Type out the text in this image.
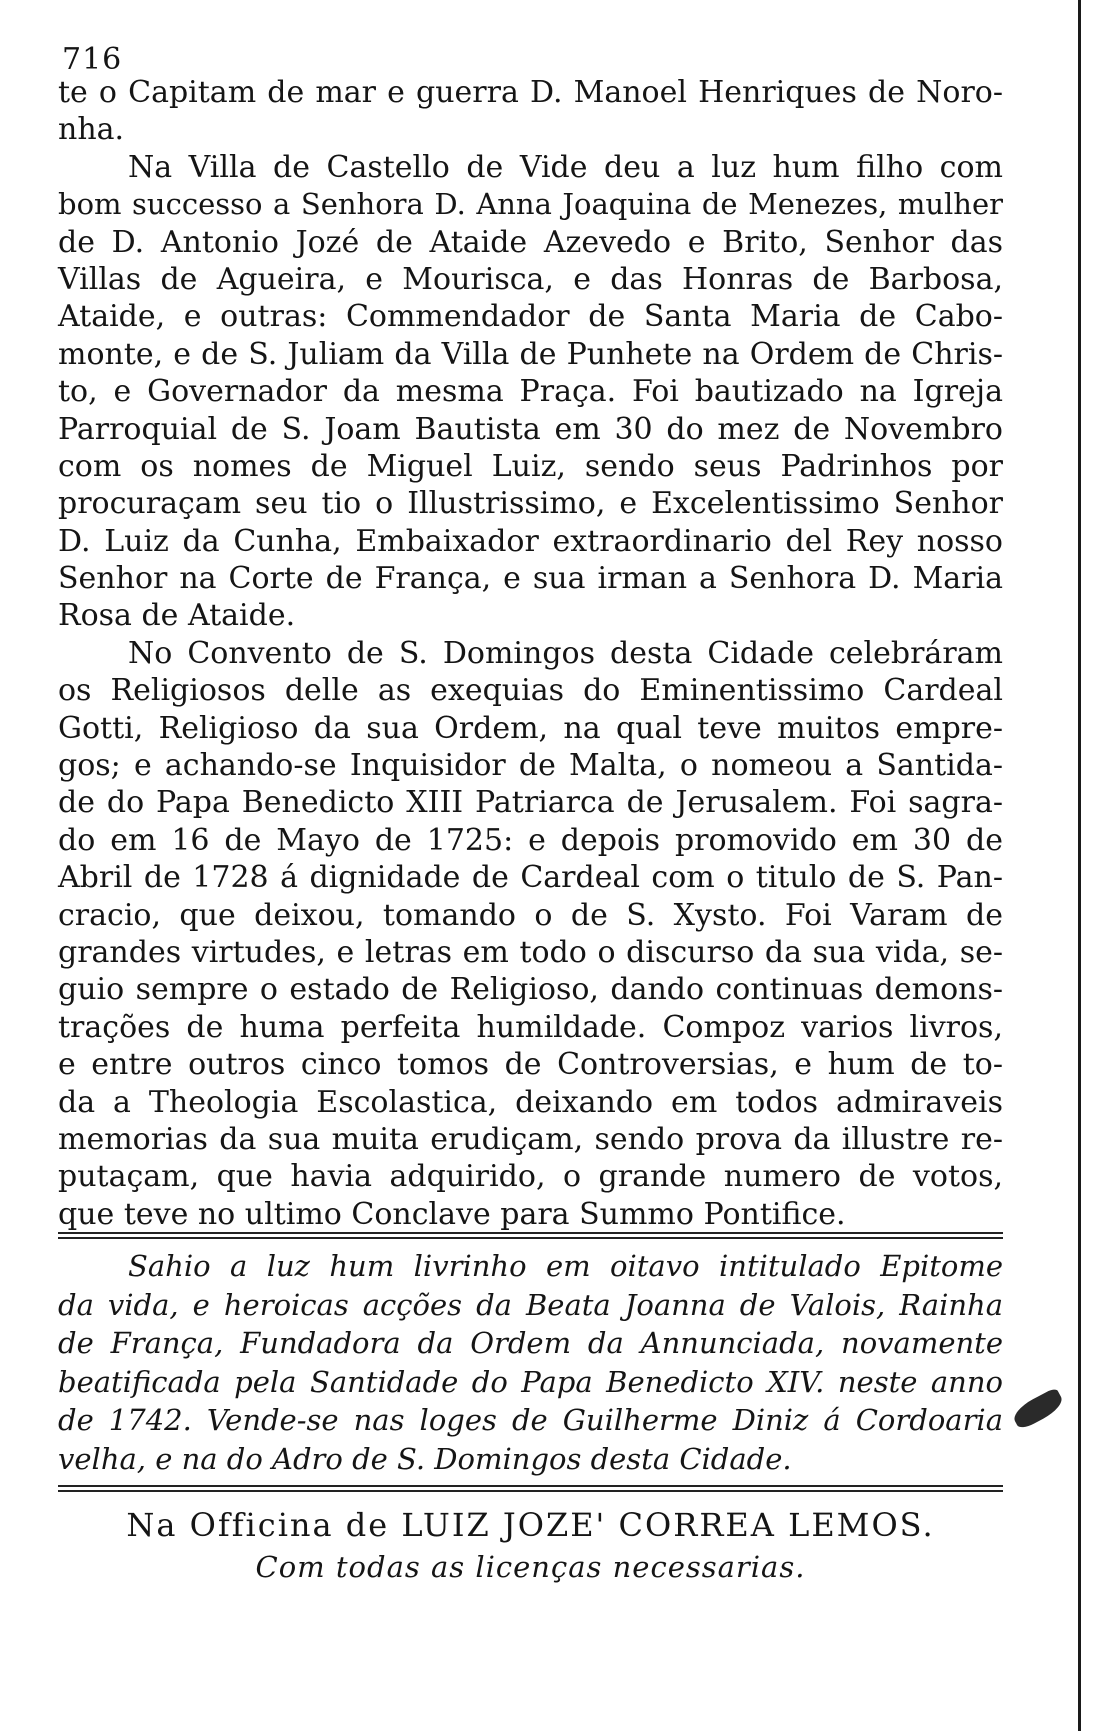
716
te o Capitam de mar e guerra D. Manoel Henriques de Noro-
nha.
Na Villa de Castello de Vide deu a luz hum filho com
bom successo a Senhora D. Anna Joaquina de Menezes, mulher
de D. Antonio Jozé de Ataide Azevedo e Brito, Senhor das
Villas de Agueira, e Mourisca, e das Honras de Barbosa,
Ataide, e outras: Commendador de Santa Maria de Cabo-
monte, e de S. Juliam da Villa de Punhete na Ordem de Chris-
to, e Governador da mesma Praça. Foi bautizado na Igreja
Parroquial de S. Joam Bautista em 30 do mez de Novembro
com os nomes de Miguel Luiz, sendo seus Padrinhos por
procuraçam seu tio o Illustrissimo, e Excelentissimo Senhor
D. Luiz da Cunha, Embaixador extraordinario del Rey nosso
Senhor na Corte de França, e sua irman a Senhora D. Maria
Rosa de Ataide.
No Convento de S. Domingos desta Cidade celebráram
os Religiosos delle as exequias do Eminentissimo Cardeal
Gotti, Religioso da sua Ordem, na qual teve muitos empre-
gos; e achando-se Inquisidor de Malta, o nomeou a Santida-
de do Papa Benedicto XIII Patriarca de Jerusalem. Foi sagra-
do em 16 de Mayo de 1725: e depois promovido em 30 de
Abril de 1728 á dignidade de Cardeal com o titulo de S. Pan-
cracio, que deixou, tomando o de S. Xysto. Foi Varam de
grandes virtudes, e letras em todo o discurso da sua vida, se-
guio sempre o estado de Religioso, dando continuas demons-
trações de huma perfeita humildade. Compoz varios livros,
e entre outros cinco tomos de Controversias, e hum de to-
da a Theologia Escolastica, deixando em todos admiraveis
memorias da sua muita erudiçam, sendo prova da illustre re-
putaçam, que havia adquirido, o grande numero de votos,
que teve no ultimo Conclave para Summo Pontifice.
Sahio a luz hum livrinho em oitavo intitulado Epitome
da vida, e heroicas acções da Beata Joanna de Valois, Rainha
de França, Fundadora da Ordem da Annunciada, novamente
beatificada pela Santidade do Papa Benedicto XIV. neste anno
de 1742. Vende-se nas loges de Guilherme Diniz á Cordoaria
velha, e na do Adro de S. Domingos desta Cidade.
Na Officina de LUIZ JOZE' CORREA LEMOS.
Com todas as licenças necessarias.
